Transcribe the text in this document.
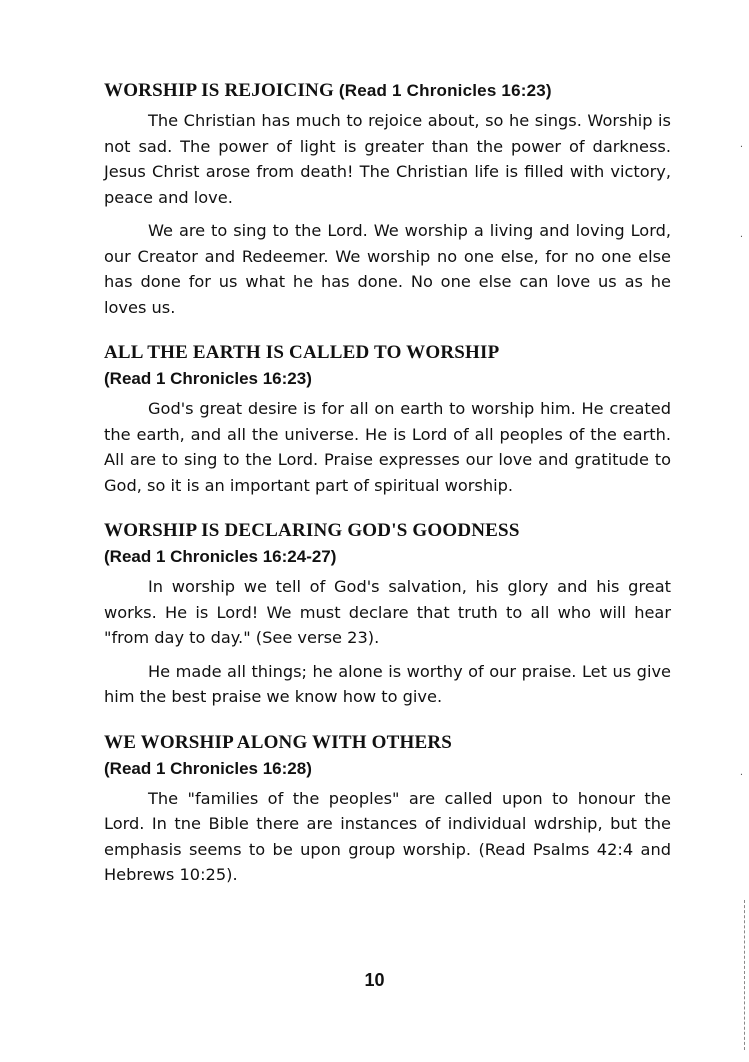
WORSHIP IS REJOICING (Read 1 Chronicles 16:23)

The Christian has much to rejoice about, so he sings. Worship is not sad. The power of light is greater than the power of darkness. Jesus Christ arose from death! The Christian life is filled with victory, peace and love.

We are to sing to the Lord. We worship a living and loving Lord, our Creator and Redeemer. We worship no one else, for no one else has done for us what he has done. No one else can love us as he loves us.

ALL THE EARTH IS CALLED TO WORSHIP

(Read 1 Chronicles 16:23)

God's great desire is for all on earth to worship him. He created the earth, and all the universe. He is Lord of all peoples of the earth. All are to sing to the Lord. Praise expresses our love and gratitude to God, so it is an important part of spiritual worship.

WORSHIP IS DECLARING GOD'S GOODNESS

(Read 1 Chronicles 16:24-27)

In worship we tell of God's salvation, his glory and his great works. He is Lord! We must declare that truth to all who will hear "from day to day." (See verse 23).

He made all things; he alone is worthy of our praise. Let us give him the best praise we know how to give.

WE WORSHIP ALONG WITH OTHERS

(Read 1 Chronicles 16:28)

The "families of the peoples" are called upon to honour the Lord. In tne Bible there are instances of individual wdrship, but the emphasis seems to be upon group worship. (Read Psalms 42:4 and Hebrews 10:25).

10
·
·
·
